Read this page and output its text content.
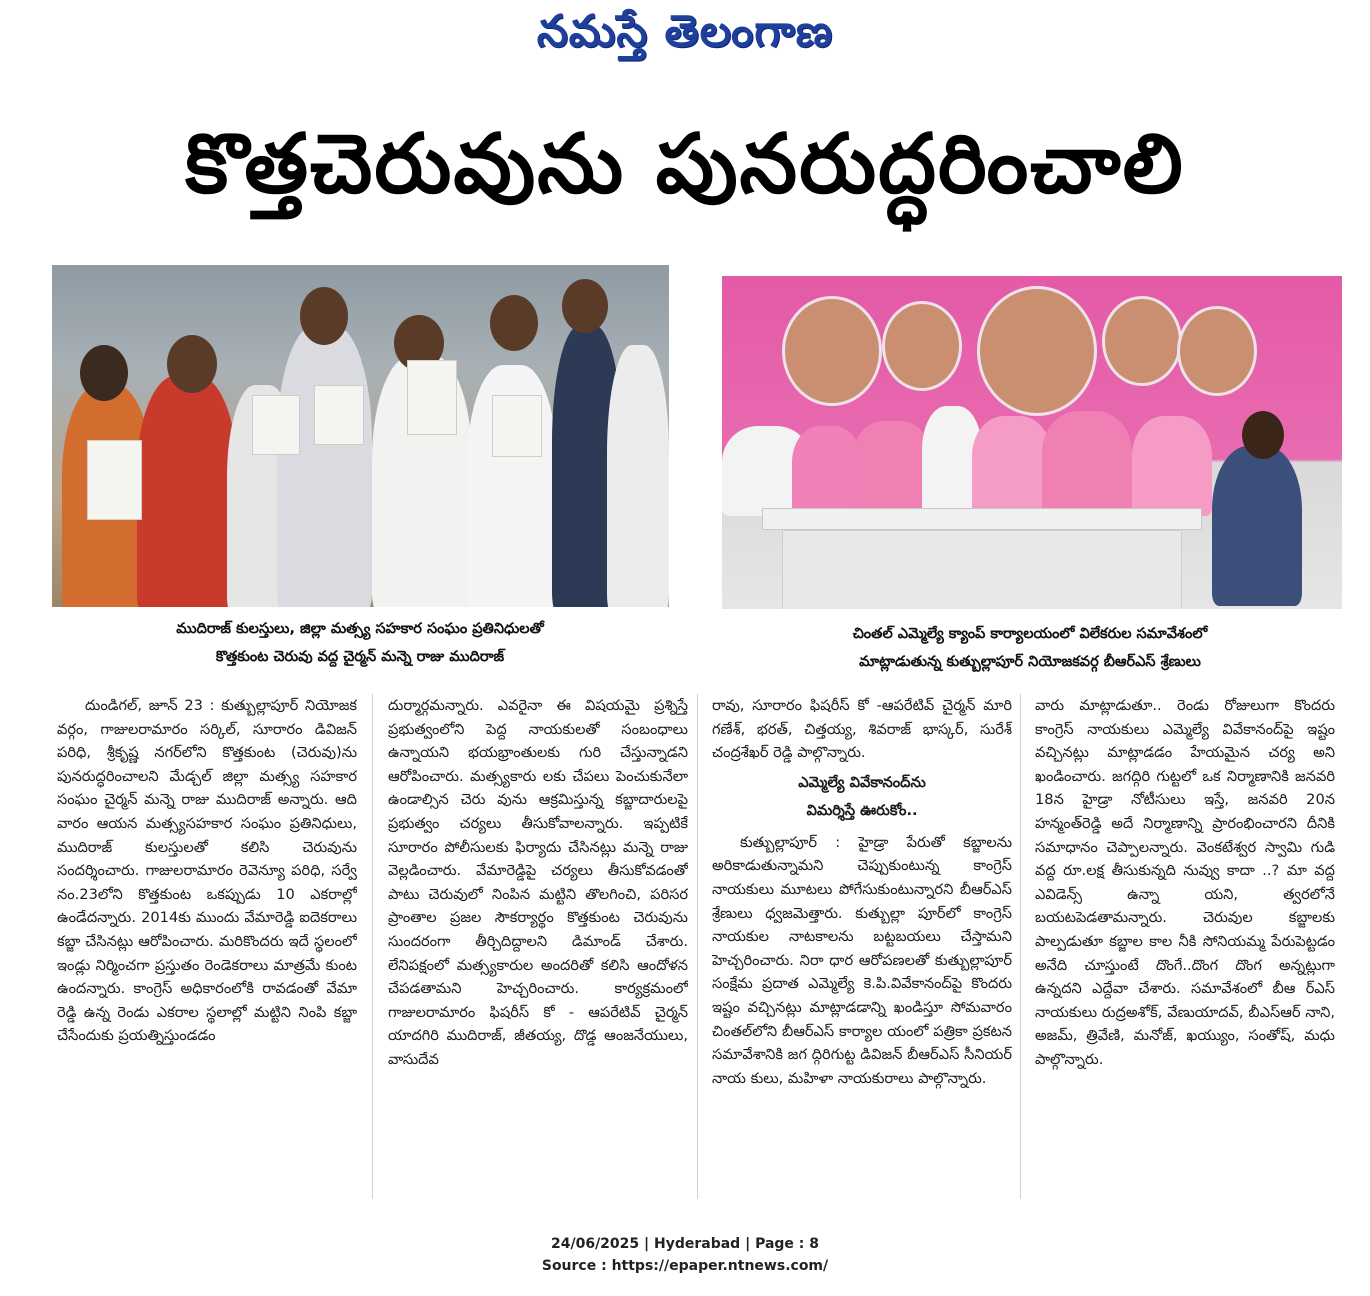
నమస్తే తెలంగాణ
కొత్తచెరువును పునరుద్ధరించాలి
ముదిరాజ్ కులస్తులు, జిల్లా మత్స్య సహకార సంఘం ప్రతినిధులతో
కొత్తకుంట చెరువు వద్ద చైర్మన్ మన్నె రాజు ముదిరాజ్
చింతల్ ఎమ్మెల్యే క్యాంప్ కార్యాలయంలో విలేకరుల సమావేశంలో
మాట్లాడుతున్న కుత్బుల్లాపూర్ నియోజకవర్గ బీఆర్ఎస్ శ్రేణులు

దుండిగల్, జూన్ 23 : కుత్బుల్లాపూర్ నియోజక వర్గం, గాజులరామారం సర్కిల్, సూరారం డివిజన్ పరిధి, శ్రీకృష్ణ నగర్‌లోని కొత్తకుంట (చెరువు)ను పునరుద్ధరించాలని మేడ్చల్ జిల్లా మత్స్య సహకార సంఘం చైర్మన్ మన్నె రాజు ముదిరాజ్ అన్నారు. ఆది వారం ఆయన మత్స్యసహకార సంఘం ప్రతినిధులు, ముదిరాజ్ కులస్తులతో కలిసి చెరువును సందర్శించారు. గాజులరామారం రెవెన్యూ పరిధి, సర్వే నం.23లోని కొత్తకుంట ఒకప్పుడు 10 ఎకరాల్లో ఉండేదన్నారు. 2014కు ముందు వేమారెడ్డి ఐదెకరాలు కబ్జా చేసినట్లు ఆరోపించారు. మరికొందరు ఇదే స్థలంలో ఇండ్లు నిర్మించగా ప్రస్తుతం రెండెకరాలు మాత్రమే కుంట ఉందన్నారు. కాంగ్రెస్ అధికారంలోకి రావడంతో వేమా రెడ్డి ఉన్న రెండు ఎకరాల స్థలాల్లో మట్టిని నింపి కబ్జా చేసేందుకు ప్రయత్నిస్తుండడం

దుర్మార్గమన్నారు. ఎవరైనా ఈ విషయమై ప్రశ్నిస్తే ప్రభుత్వంలోని పెద్ద నాయకులతో సంబంధాలు ఉన్నాయని భయభ్రాంతులకు గురి చేస్తున్నాడని ఆరోపించారు. మత్స్యకారు లకు చేపలు పెంచుకునేలా ఉండాల్సిన చెరు వును ఆక్రమిస్తున్న కబ్జాదారులపై ప్రభుత్వం చర్యలు తీసుకోవాలన్నారు. ఇప్పటికే సూరారం పోలీసులకు ఫిర్యాదు చేసినట్లు మన్నె రాజు వెల్లడించారు. వేమారెడ్డిపై చర్యలు తీసుకోవడంతో పాటు చెరువులో నింపిన మట్టిని తొలగించి, పరిసర ప్రాంతాల ప్రజల సౌకర్యార్థం కొత్తకుంట చెరువును సుందరంగా తీర్చిదిద్దాలని డిమాండ్ చేశారు. లేనిపక్షంలో మత్స్యకారుల అందరితో కలిసి ఆందోళన చేపడతామని హెచ్చరించారు. కార్యక్రమంలో గాజులరామారం ఫిషరీస్ కో - ఆపరేటివ్ చైర్మన్ యాదగిరి ముదిరాజ్, జీతయ్య, దొడ్డ ఆంజనేయులు, వాసుదేవ

రావు, సూరారం ఫిషరీస్ కో -ఆపరేటివ్ చైర్మన్ మారి గణేశ్, భరత్, చిత్తయ్య, శివరాజ్ భాస్కర్, సురేశ్ చంద్రశేఖర్ రెడ్డి పాల్గొన్నారు.

ఎమ్మెల్యే వివేకానంద్‌ను
విమర్శిస్తే ఊరుకోం..

కుత్బుల్లాపూర్ : హైడ్రా పేరుతో కబ్జాలను అరికాడుతున్నామని చెప్పుకుంటున్న కాంగ్రెస్ నాయకులు మూటలు పోగేసుకుంటున్నారని బీఆర్ఎస్ శ్రేణులు ధ్వజమెత్తారు. కుత్బుల్లా పూర్‌లో కాంగ్రెస్ నాయకుల నాటకాలను బట్టబయలు చేస్తామని హెచ్చరించారు. నిరా ధార ఆరోపణలతో కుత్బుల్లాపూర్ సంక్షేమ ప్రదాత ఎమ్మెల్యే కె.పి.వివేకానంద్‌పై కొందరు ఇష్టం వచ్చినట్లు మాట్లాడడాన్ని ఖండిస్తూ సోమవారం చింతల్‌లోని బీఆర్ఎస్ కార్యాల యంలో పత్రికా ప్రకటన సమావేశానికి జగ ద్గిరిగుట్ట డివిజన్ బీఆర్ఎస్ సీనియర్ నాయ కులు, మహిళా నాయకురాలు పాల్గొన్నారు.

వారు మాట్లాడుతూ.. రెండు రోజులుగా కొందరు కాంగ్రెస్ నాయకులు ఎమ్మెల్యే వివేకానంద్‌పై ఇష్టం వచ్చినట్లు మాట్లాడడం హేయమైన చర్య అని ఖండించారు. జగద్గిరి గుట్టలో ఒక నిర్మాణానికి జనవరి 18న హైడ్రా నోటీసులు ఇస్తే, జనవరి 20న హన్మంత్‌రెడ్డి అదే నిర్మాణాన్ని ప్రారంభించారని దీనికి సమాధానం చెప్పాలన్నారు. వెంకటేశ్వర స్వామి గుడి వద్ద రూ.లక్ష తీసుకున్నది నువ్వు కాదా ..? మా వద్ద ఎవిడెన్స్ ఉన్నా యని, త్వరలోనే బయటపెడతామన్నారు. చెరువుల కబ్జాలకు పాల్పడుతూ కబ్జాల కాల నీకి సోనియమ్మ పేరుపెట్టడం అనేది చూస్తుంటే దొంగే..దొంగ దొంగ అన్నట్లుగా ఉన్నదని ఎద్దేవా చేశారు. సమావేశంలో బీఆ ర్ఎస్ నాయకులు రుద్రఅశోక్, వేణుయాదవ్, బీఎస్ఆర్ నాని, అజమ్, త్రివేణి, మనోజ్, ఖయ్యుం, సంతోష్, మధు పాల్గొన్నారు.

24/06/2025 | Hyderabad | Page : 8
Source : https://epaper.ntnews.com/
